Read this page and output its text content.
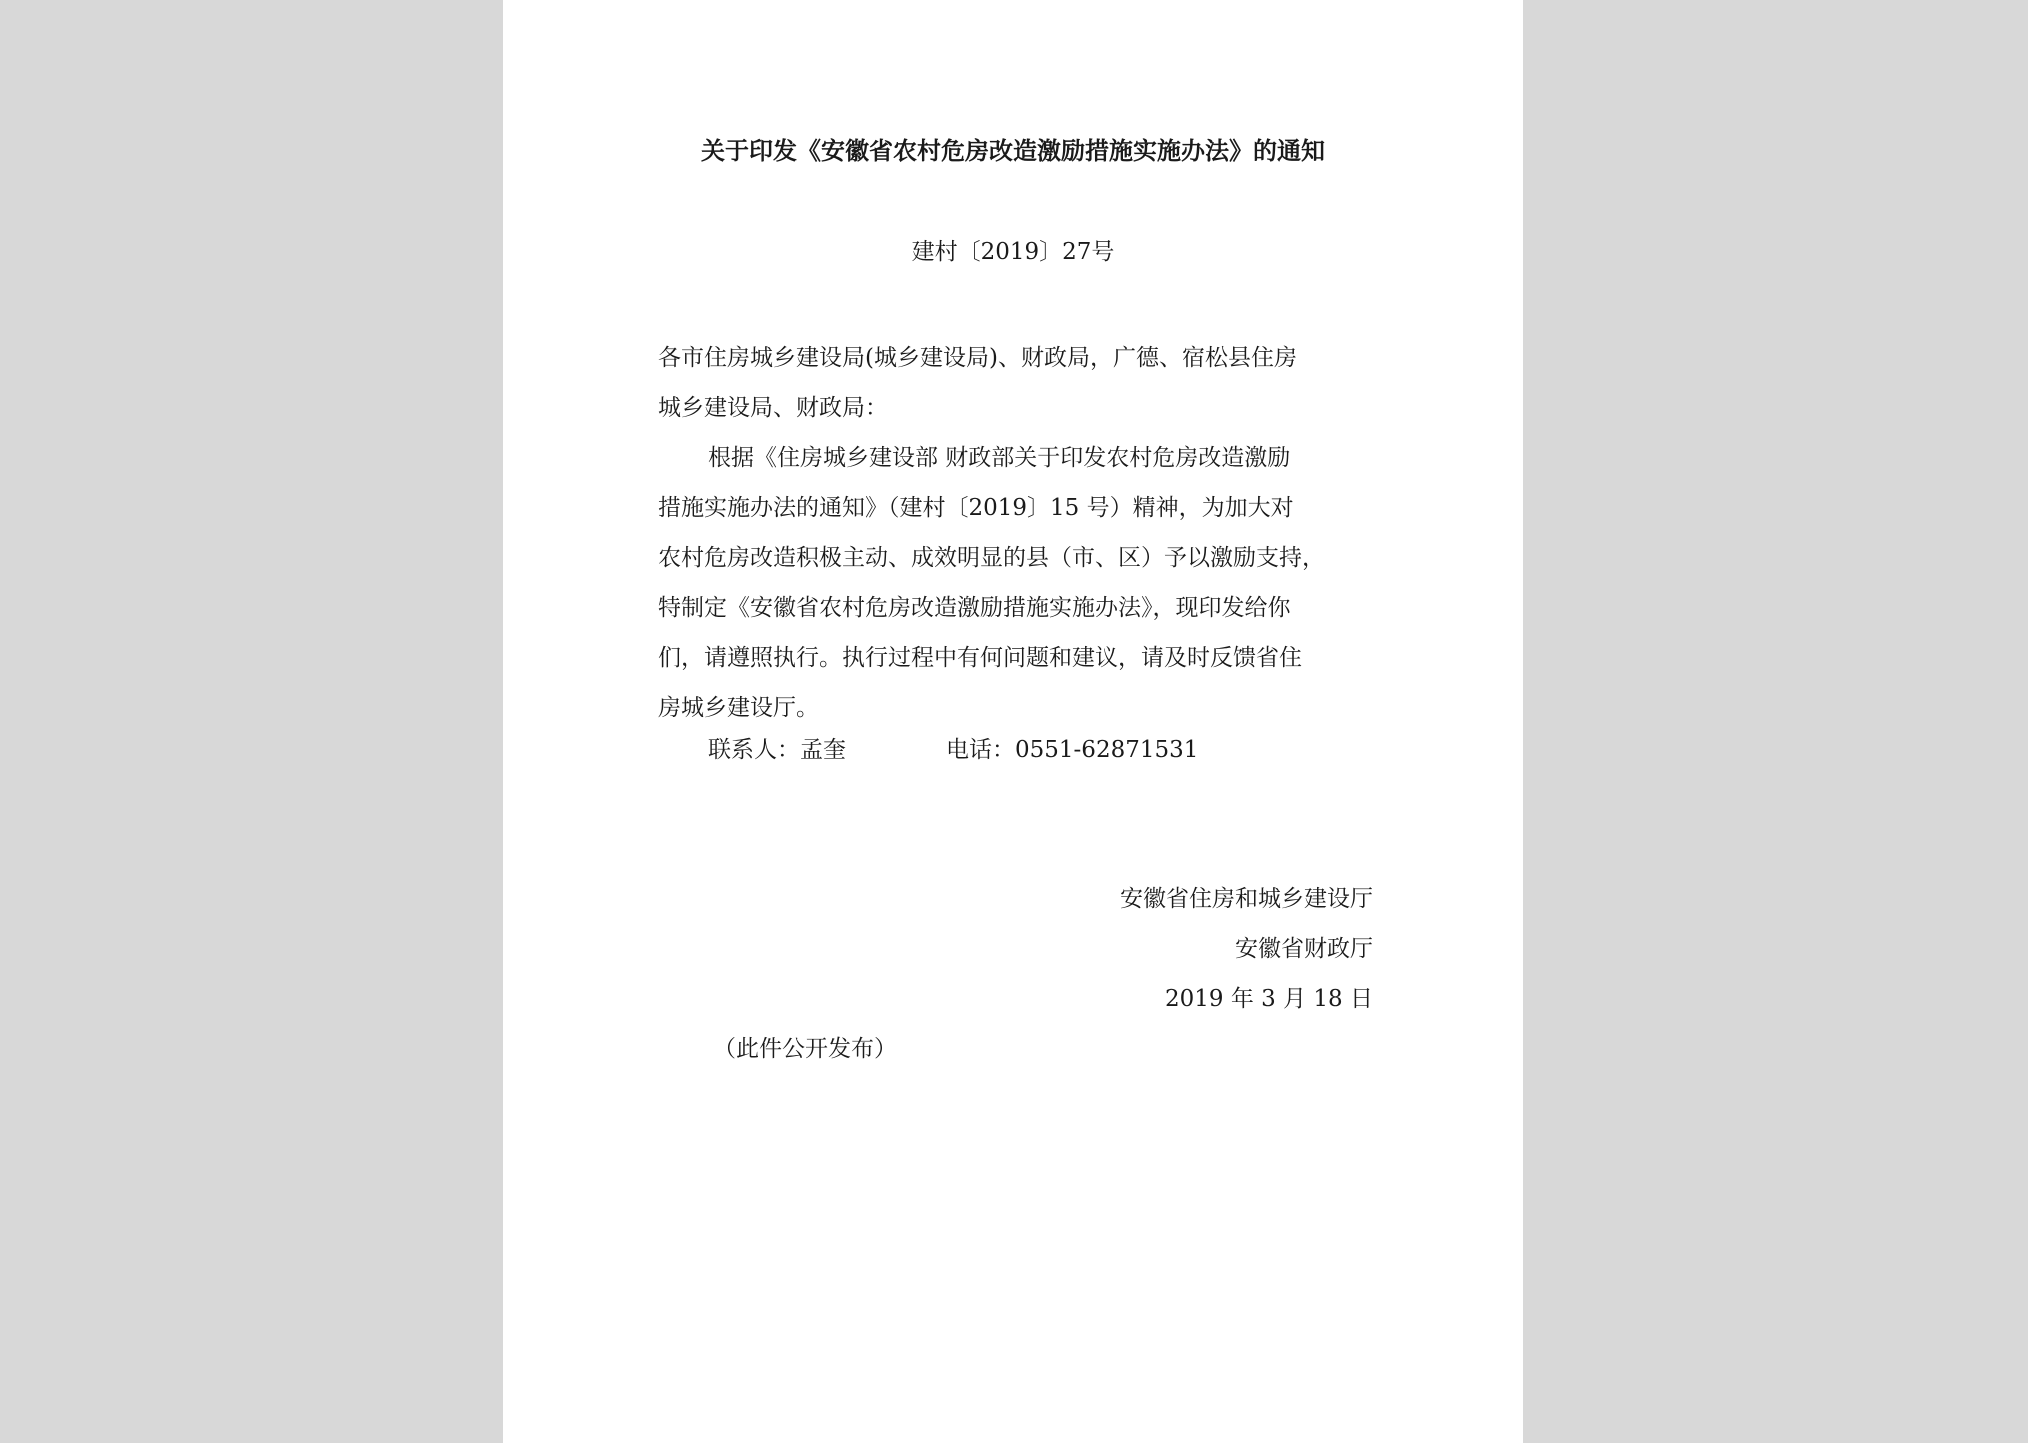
关于印发《安徽省农村危房改造激励措施实施办法》的通知
建村〔2019〕27号
各市住房城乡建设局(城乡建设局)、财政局，广德、宿松县住房
城乡建设局、财政局：
根据《住房城乡建设部 财政部关于印发农村危房改造激励
措施实施办法的通知》（建村〔2019〕15 号）精神，为加大对
农村危房改造积极主动、成效明显的县（市、区）予以激励支持，
特制定《安徽省农村危房改造激励措施实施办法》，现印发给你
们，请遵照执行。执行过程中有何问题和建议，请及时反馈省住
房城乡建设厅。
联系人：孟奎	电话：0551-62871531
安徽省住房和城乡建设厅
安徽省财政厅
2019 年 3 月 18 日
（此件公开发布）
